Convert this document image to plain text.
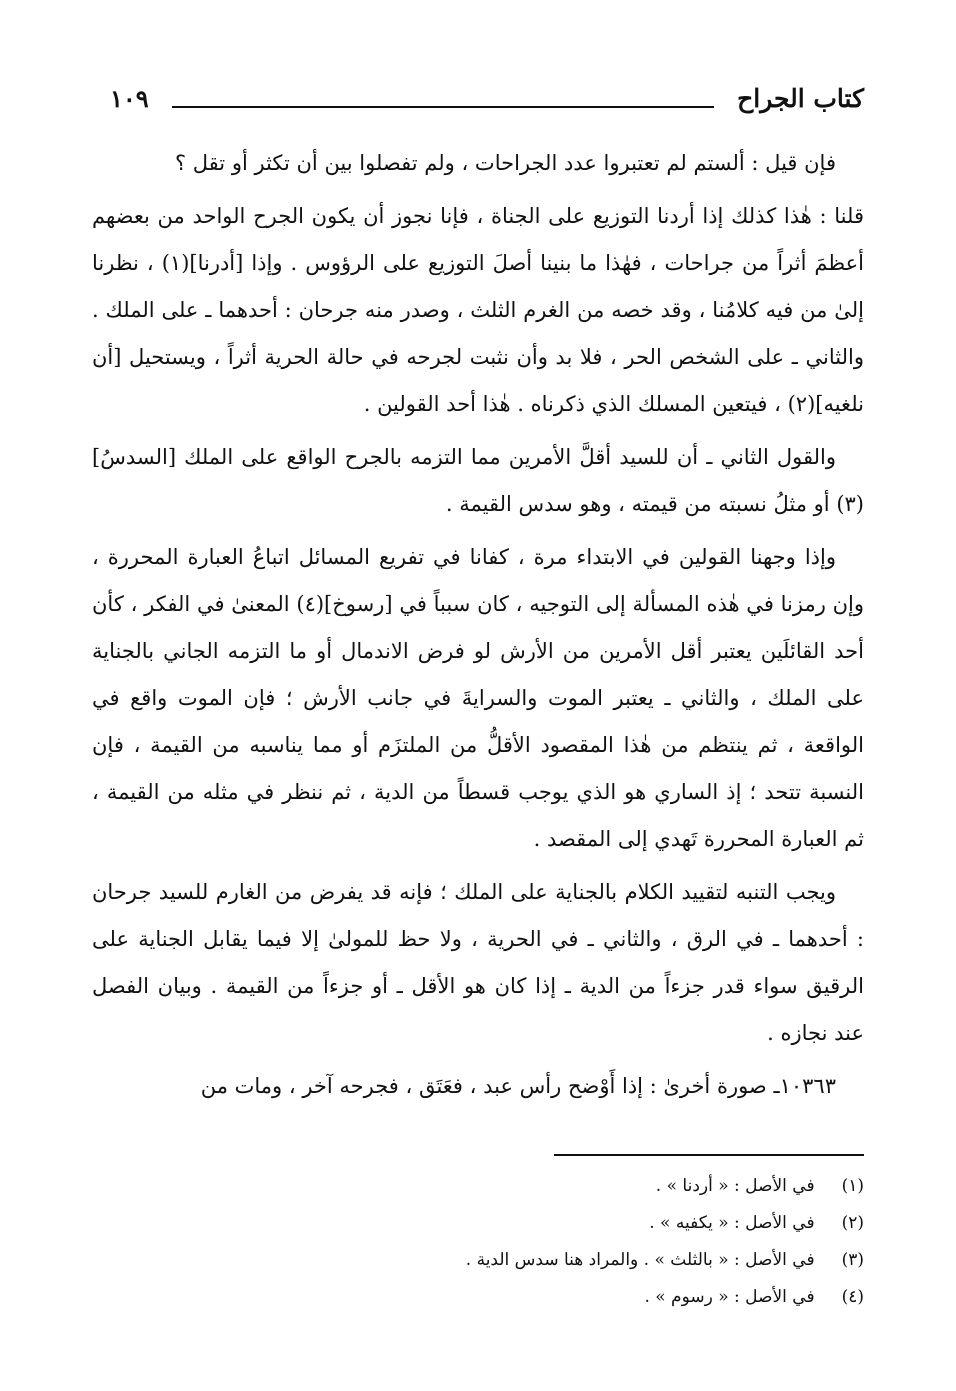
كتاب الجراح
١٠٩

فإن قيل : ألستم لم تعتبروا عدد الجراحات ، ولم تفصلوا بين أن تكثر أو تقل ؟

قلنا : هٰذا كذلك إذا أردنا التوزيع على الجناة ، فإنا نجوز أن يكون الجرح الواحد من بعضهم أعظمَ أثراً من جراحات ، فهٰذا ما بنينا أصلَ التوزيع على الرؤوس . وإذا [أدرنا](١) ، نظرنا إلىٰ من فيه كلامُنا ، وقد خصه من الغرم الثلث ، وصدر منه جرحان : أحدهما ـ على الملك . والثاني ـ على الشخص الحر ، فلا بد وأن نثبت لجرحه في حالة الحرية أثراً ، ويستحيل [أن نلغيه](٢) ، فيتعين المسلك الذي ذكرناه . هٰذا أحد القولين .

والقول الثاني ـ أن للسيد أقلَّ الأمرين مما التزمه بالجرح الواقع على الملك [السدسُ](٣) أو مثلُ نسبته من قيمته ، وهو سدس القيمة .

وإذا وجهنا القولين في الابتداء مرة ، كفانا في تفريع المسائل اتباعُ العبارة المحررة ، وإن رمزنا في هٰذه المسألة إلى التوجيه ، كان سبباً في [رسوخ](٤) المعنىٰ في الفكر ، كأن أحد القائلَين يعتبر أقل الأمرين من الأرش لو فرض الاندمال أو ما التزمه الجاني بالجناية على الملك ، والثاني ـ يعتبر الموت والسرايةَ في جانب الأرش ؛ فإن الموت واقع في الواقعة ، ثم ينتظم من هٰذا المقصود الأقلُّ من الملتزَم أو مما يناسبه من القيمة ، فإن النسبة تتحد ؛ إذ الساري هو الذي يوجب قسطاً من الدية ، ثم ننظر في مثله من القيمة ، ثم العبارة المحررة تَهدي إلى المقصد .

ويجب التنبه لتقييد الكلام بالجناية على الملك ؛ فإنه قد يفرض من الغارم للسيد جرحان : أحدهما ـ في الرق ، والثاني ـ في الحرية ، ولا حظ للمولىٰ إلا فيما يقابل الجناية على الرقيق سواء قدر جزءاً من الدية ـ إذا كان هو الأقل ـ أو جزءاً من القيمة . وبيان الفصل عند نجازه .

١٠٣٦٣ـ صورة أخرىٰ : إذا أَوْضح رأس عبد ، فعَتَق ، فجرحه آخر ، ومات من

(١) في الأصل : « أردنا » .
(٢) في الأصل : « يكفيه » .
(٣) في الأصل : « بالثلث » . والمراد هنا سدس الدية .
(٤) في الأصل : « رسوم » .
